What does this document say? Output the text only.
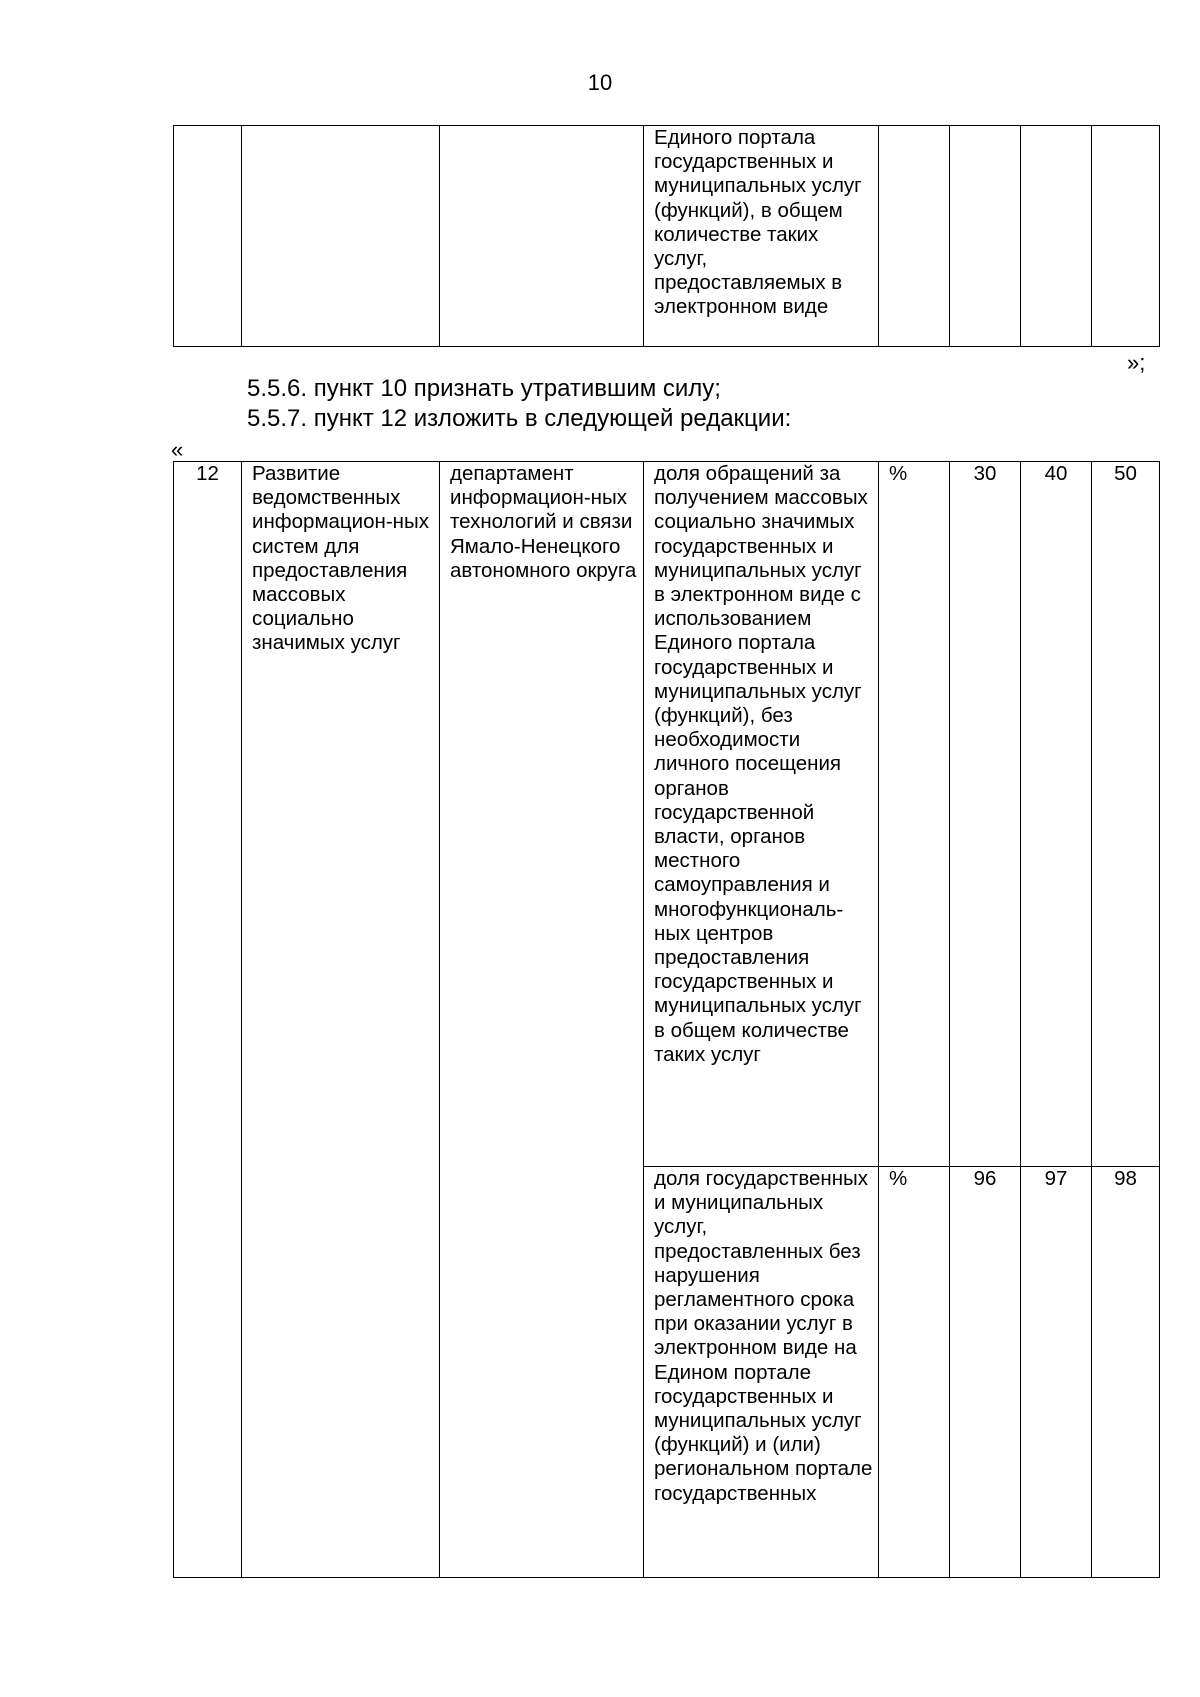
10
			Единого портала государственных и муниципальных услуг (функций), в общем количестве таких услуг, предоставляемых в электронном виде				
»;
5.5.6. пункт 10 признать утратившим силу;
5.5.7. пункт 12 изложить в следующей редакции:
«
12	Развитие ведомственных информацион-ных систем для предоставления массовых социально значимых услуг	департамент информацион-ных технологий и связи Ямало-Ненецкого автономного округа	доля обращений за получением массовых социально значимых государственных и муниципальных услуг в электронном виде с использованием Единого портала государственных и муниципальных услуг (функций), без необходимости личного посещения органов государственной власти, органов местного самоуправления и многофункциональ-ных центров предоставления государственных и муниципальных услуг в общем количестве таких услуг	%	30	40	50
			доля государственных и муниципальных услуг, предоставленных без нарушения регламентного срока при оказании услуг в электронном виде на Едином портале государственных и муниципальных услуг (функций) и (или) региональном портале государственных	%	96	97	98
